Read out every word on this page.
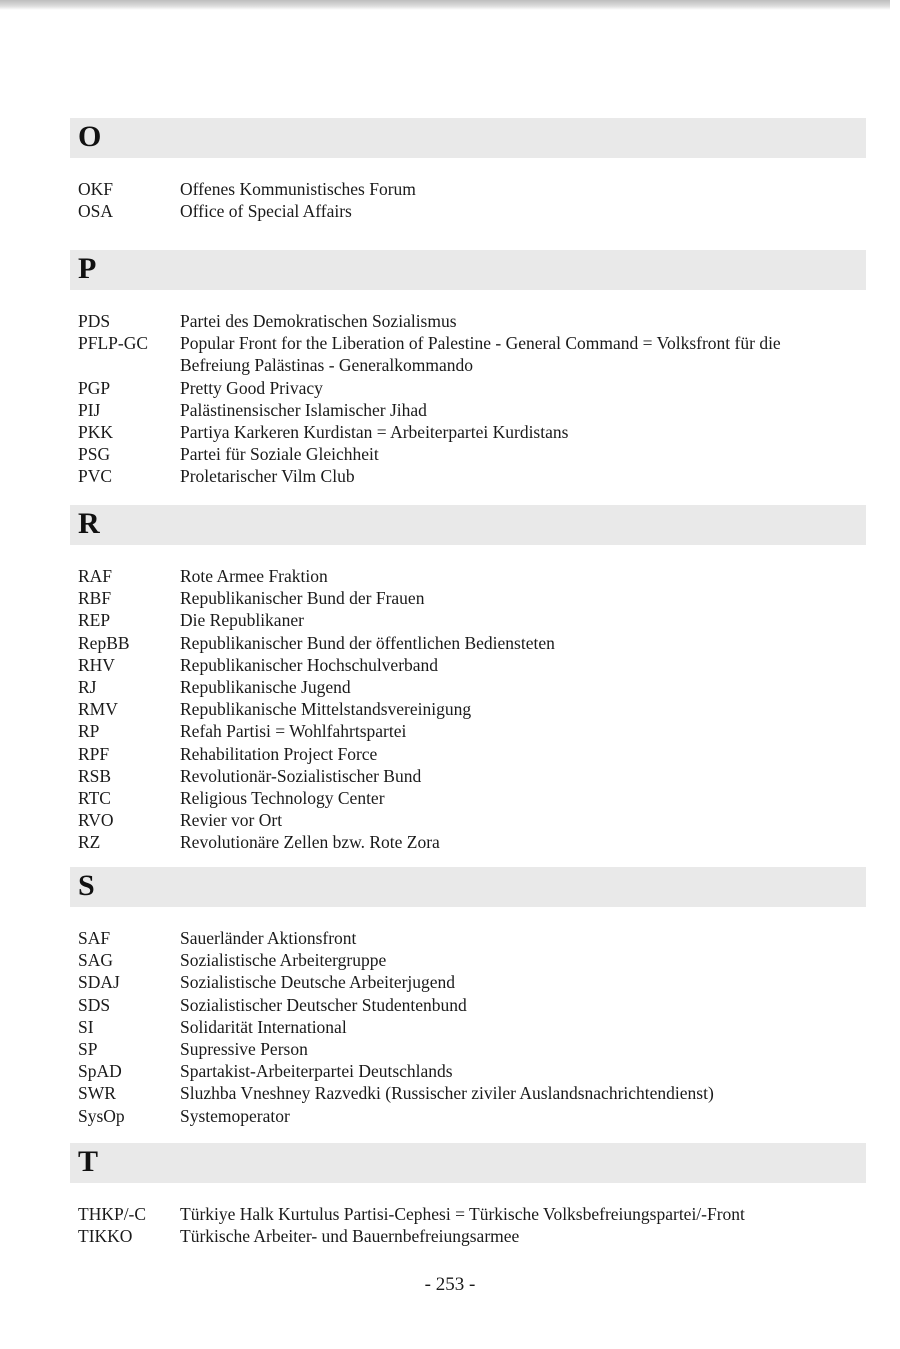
O
OKF	Offenes Kommunistisches Forum
OSA	Office of Special Affairs
P
PDS	Partei des Demokratischen Sozialismus
PFLP-GC	Popular Front for the Liberation of Palestine - General Command = Volksfront für die Befreiung Palästinas - Generalkommando
PGP	Pretty Good Privacy
PIJ	Palästinensischer Islamischer Jihad
PKK	Partiya Karkeren Kurdistan = Arbeiterpartei Kurdistans
PSG	Partei für Soziale Gleichheit
PVC	Proletarischer Vilm Club
R
RAF	Rote Armee Fraktion
RBF	Republikanischer Bund der Frauen
REP	Die Republikaner
RepBB	Republikanischer Bund der öffentlichen Bediensteten
RHV	Republikanischer Hochschulverband
RJ	Republikanische Jugend
RMV	Republikanische Mittelstandsvereinigung
RP	Refah Partisi = Wohlfahrtspartei
RPF	Rehabilitation Project Force
RSB	Revolutionär-Sozialistischer Bund
RTC	Religious Technology Center
RVO	Revier vor Ort
RZ	Revolutionäre Zellen bzw. Rote Zora
S
SAF	Sauerländer Aktionsfront
SAG	Sozialistische Arbeitergruppe
SDAJ	Sozialistische Deutsche Arbeiterjugend
SDS	Sozialistischer Deutscher Studentenbund
SI	Solidarität International
SP	Supressive Person
SpAD	Spartakist-Arbeiterpartei Deutschlands
SWR	Sluzhba Vneshney Razvedki (Russischer ziviler Auslandsnachrichtendienst)
SysOp	Systemoperator
T
THKP/-C	Türkiye Halk Kurtulus Partisi-Cephesi = Türkische Volksbefreiungspartei/-Front
TIKKO	Türkische Arbeiter- und Bauernbefreiungsarmee
- 253 -
